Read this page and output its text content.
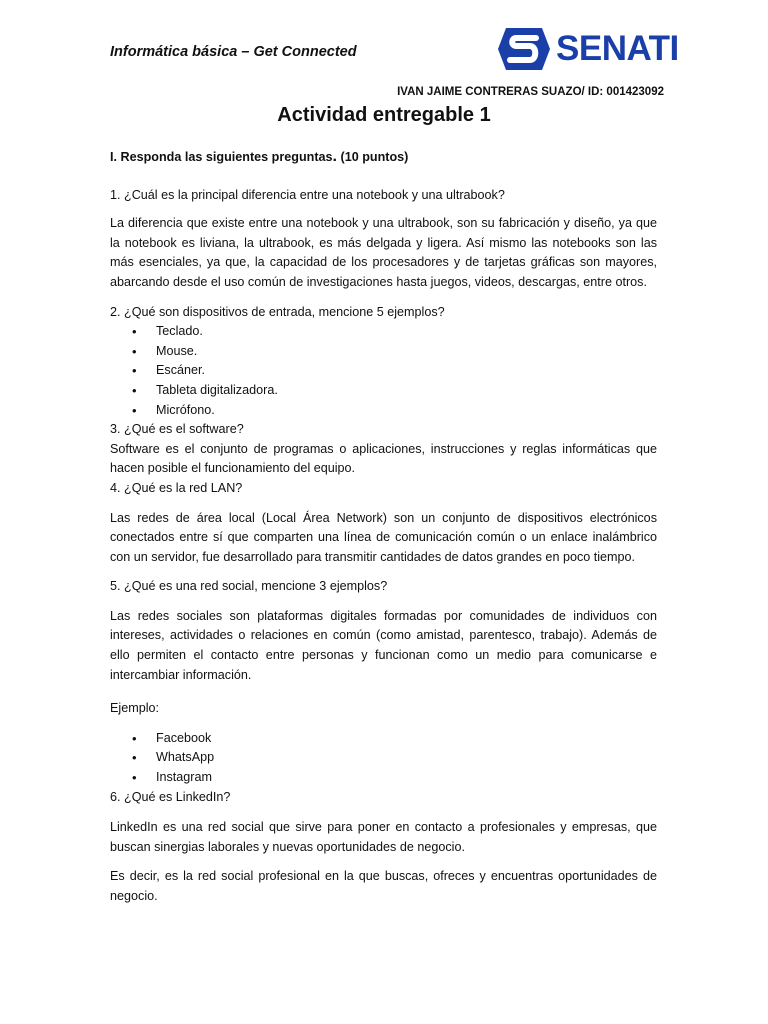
Informática básica – Get Connected	SENATI
IVAN JAIME CONTRERAS SUAZO/ ID: 001423092
Actividad entregable 1
I. Responda las siguientes preguntas. (10 puntos)
1. ¿Cuál es la principal diferencia entre una notebook y una ultrabook?

La diferencia que existe entre una notebook y una ultrabook, son su fabricación y diseño, ya que la notebook es liviana, la ultrabook, es más delgada y ligera. Así mismo las notebooks son las más esenciales, ya que, la capacidad de los procesadores y de tarjetas gráficas son mayores, abarcando desde el uso común de investigaciones hasta juegos, videos, descargas, entre otros.

2. ¿Qué son dispositivos de entrada, mencione 5 ejemplos?
• Teclado.
• Mouse.
• Escáner.
• Tableta digitalizadora.
• Micrófono.
3. ¿Qué es el software?

Software es el conjunto de programas o aplicaciones, instrucciones y reglas informáticas que hacen posible el funcionamiento del equipo.

4. ¿Qué es la red LAN?

Las redes de área local (Local Área Network) son un conjunto de dispositivos electrónicos conectados entre sí que comparten una línea de comunicación común o un enlace inalámbrico con un servidor, fue desarrollado para transmitir cantidades de datos grandes en poco tiempo.

5. ¿Qué es una red social, mencione 3 ejemplos?

Las redes sociales son plataformas digitales formadas por comunidades de individuos con intereses, actividades o relaciones en común (como amistad, parentesco, trabajo). Además de ello permiten el contacto entre personas y funcionan como un medio para comunicarse e intercambiar información.

Ejemplo:
• Facebook
• WhatsApp
• Instagram
6. ¿Qué es LinkedIn?

LinkedIn es una red social que sirve para poner en contacto a profesionales y empresas, que buscan sinergias laborales y nuevas oportunidades de negocio.

Es decir, es la red social profesional en la que buscas, ofreces y encuentras oportunidades de negocio.
